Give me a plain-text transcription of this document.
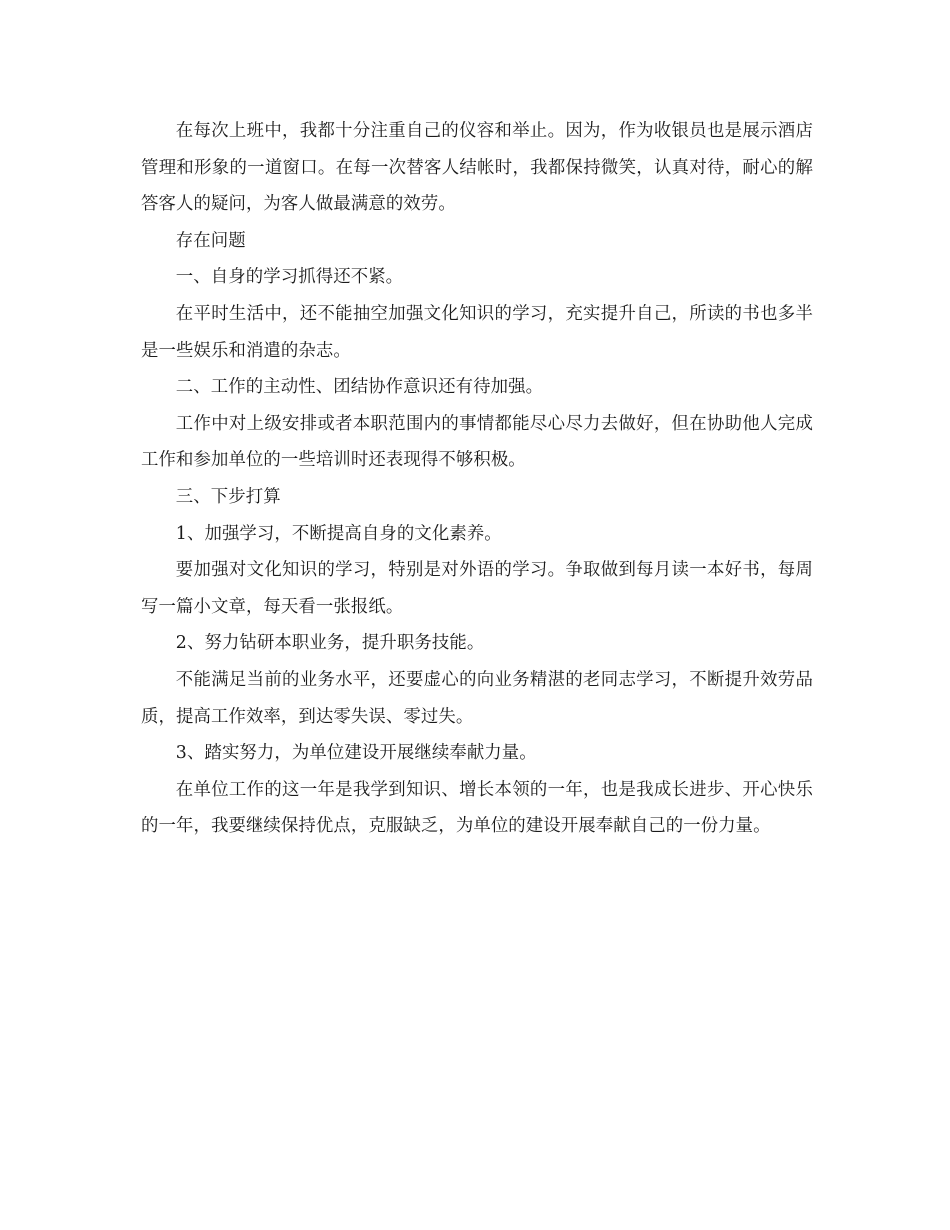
在每次上班中，我都十分注重自己的仪容和举止。因为，作为收银员也是展示酒店管理和形象的一道窗口。在每一次替客人结帐时，我都保持微笑，认真对待，耐心的解答客人的疑问，为客人做最满意的效劳。

存在问题

一、自身的学习抓得还不紧。

在平时生活中，还不能抽空加强文化知识的学习，充实提升自己，所读的书也多半是一些娱乐和消遣的杂志。

二、工作的主动性、团结协作意识还有待加强。

工作中对上级安排或者本职范围内的事情都能尽心尽力去做好，但在协助他人完成工作和参加单位的一些培训时还表现得不够积极。

三、下步打算

1、加强学习，不断提高自身的文化素养。

要加强对文化知识的学习，特别是对外语的学习。争取做到每月读一本好书，每周写一篇小文章，每天看一张报纸。

2、努力钻研本职业务，提升职务技能。

不能满足当前的业务水平，还要虚心的向业务精湛的老同志学习，不断提升效劳品质，提高工作效率，到达零失误、零过失。

3、踏实努力，为单位建设开展继续奉献力量。

在单位工作的这一年是我学到知识、增长本领的一年，也是我成长进步、开心快乐的一年，我要继续保持优点，克服缺乏，为单位的建设开展奉献自己的一份力量。
